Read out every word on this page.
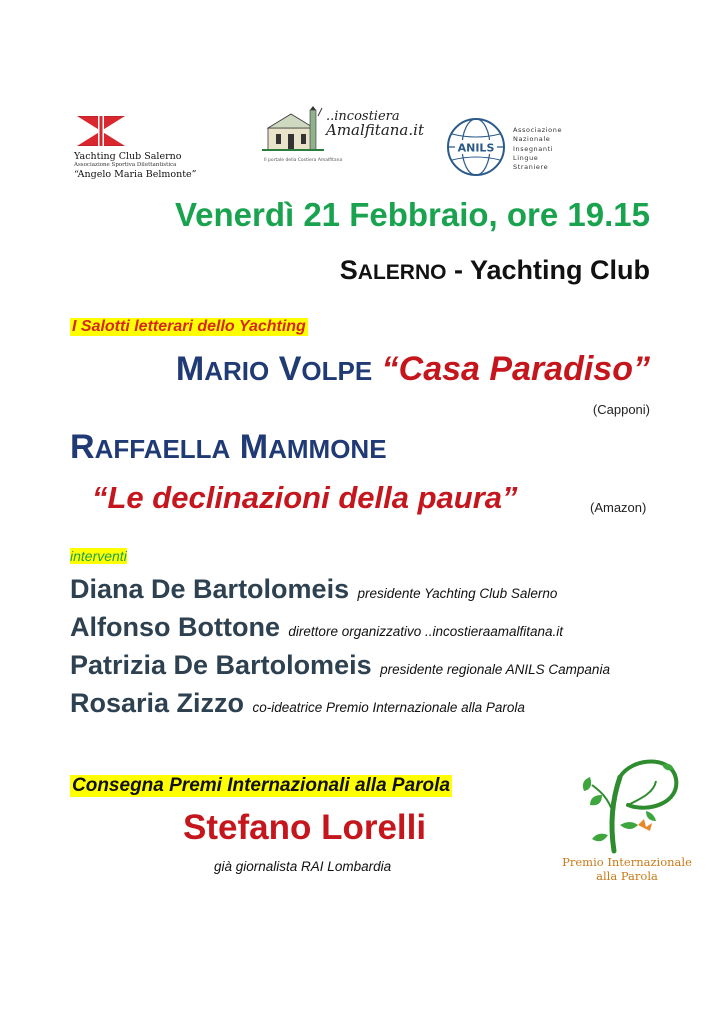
Yachting Club Salerno
Associazione Sportiva Dilettantistica
“Angelo Maria Belmonte”
..incostiera
Amalfitana.it
Il portale della Costiera Amalfitana
ANILS
Associazione
Nazionale
Insegnanti
Lingue
Straniere
Venerdì 21 Febbraio, ore 19.15
SALERNO - Yachting Club
I Salotti letterari dello Yachting
MARIO VOLPE “Casa Paradiso”
(Capponi)
RAFFAELLA MAMMONE
“Le declinazioni della paura”	(Amazon)
interventi
Diana De Bartolomeis presidente Yachting Club Salerno
Alfonso Bottone direttore organizzativo ..incostieraamalfitana.it
Patrizia De Bartolomeis presidente regionale ANILS Campania
Rosaria Zizzo co-ideatrice Premio Internazionale alla Parola
Consegna Premi Internazionali alla Parola
Stefano Lorelli
già giornalista RAI Lombardia	Premio Internazionale
alla Parola
